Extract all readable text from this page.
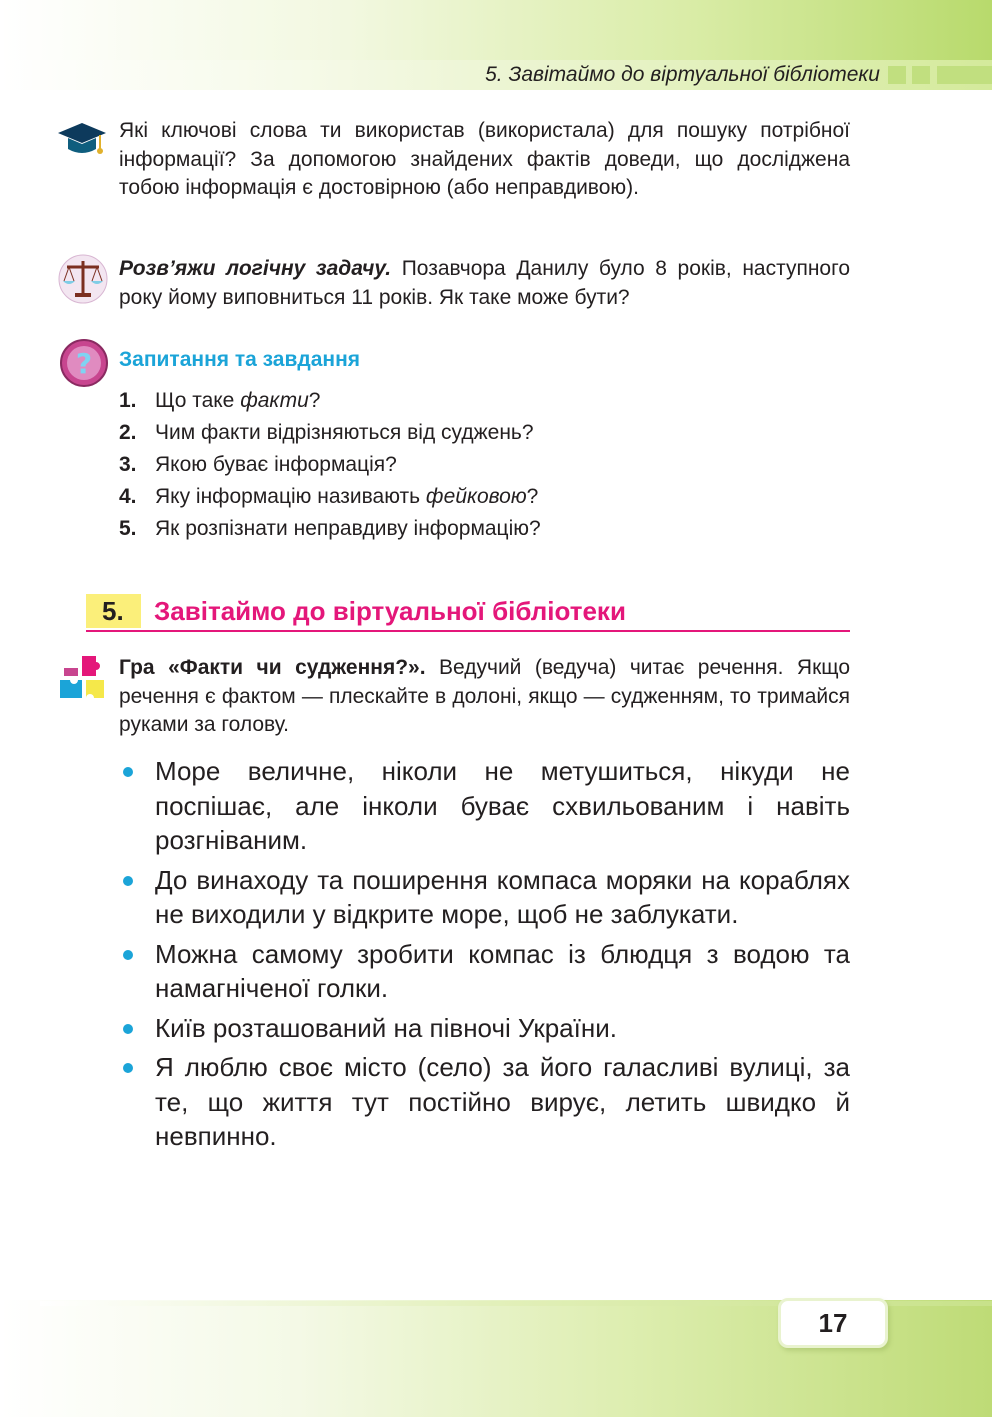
5. Завітаймо до віртуальної бібліотеки
Які ключові слова ти використав (використала) для пошуку потрібної інформації? За допомогою знайдених фактів доведи, що досліджена тобою інформація є достовірною (або неправдивою).
Розв’яжи логічну задачу. Позавчора Данилу було 8 років, наступного року йому виповниться 11 років. Як таке може бути?
? Запитання та завдання
1. Що таке факти?
2. Чим факти відрізняються від суджень?
3. Якою буває інформація?
4. Яку інформацію називають фейковою?
5. Як розпізнати неправдиву інформацію?
5.	Завітаймо до віртуальної бібліотеки
Гра «Факти чи судження?». Ведучий (ведуча) читає речення. Якщо речення є фактом — плескайте в долоні, якщо — судженням, то тримайся руками за голову.
Море величне, ніколи не метушиться, нікуди не поспішає, але інколи буває схвильованим і навіть розгніваним.
До винаходу та поширення компаса моряки на кораблях не виходили у відкрите море, щоб не заблукати.
Можна самому зробити компас із блюдця з водою та намагніченої голки.
Київ розташований на півночі України.
Я люблю своє місто (село) за його галасливі вулиці, за те, що життя тут постійно вирує, летить швидко й невпинно.
17
